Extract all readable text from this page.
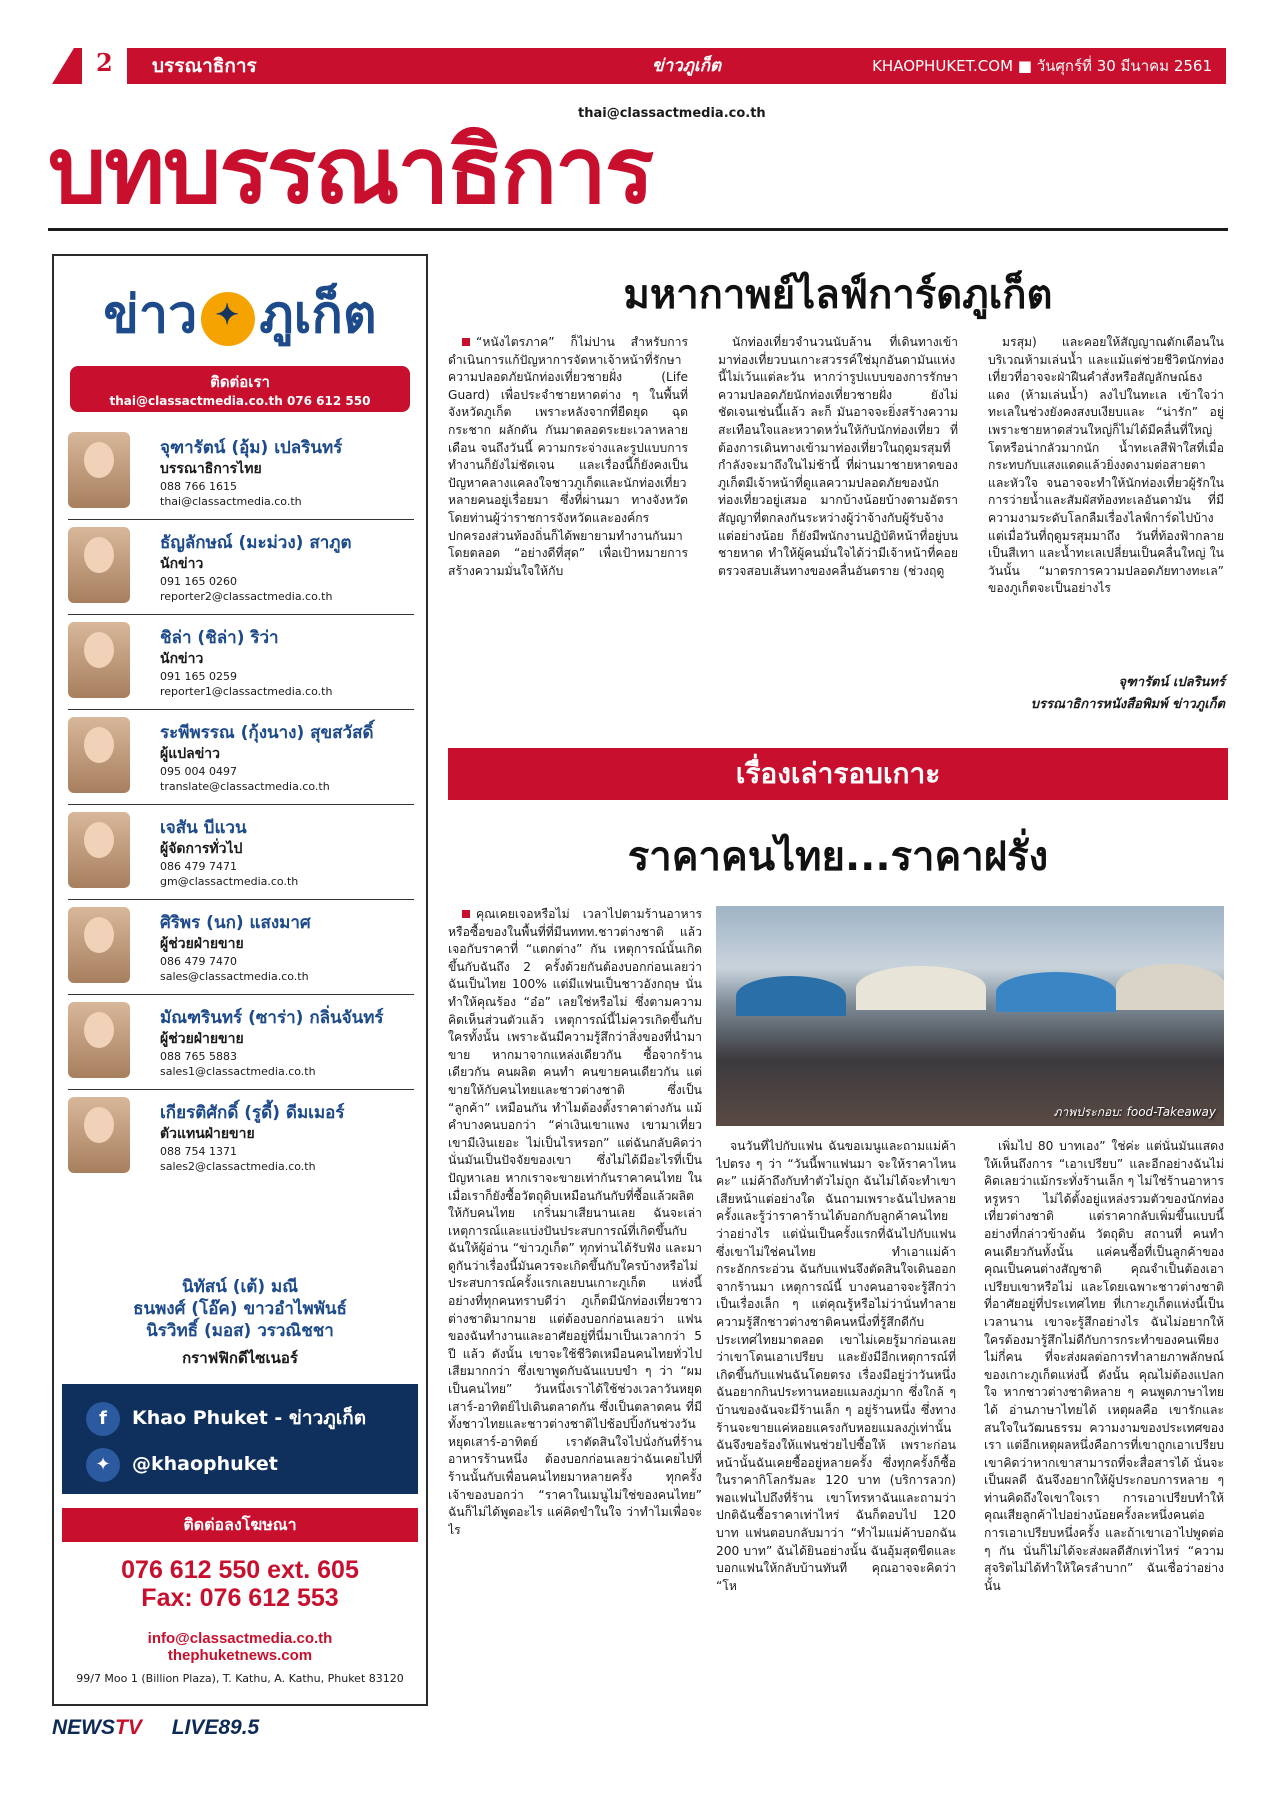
2	บรรณาธิการ	ข่าวภูเก็ต	KHAOPHUKET.COM ■ วันศุกร์ที่ 30 มีนาคม 2561
thai@classactmedia.co.th
บทบรรณาธิการ
ข่าว✦ ภูเก็ต
ติดต่อเรา
thai@classactmedia.co.th 076 612 550
จุฑารัตน์ (อุ้ม) เปลรินทร์
บรรณาธิการไทย
088 766 1615
thai@classactmedia.co.th
ธัญลักษณ์ (มะม่วง) สาภูต
นักข่าว
091 165 0260
reporter2@classactmedia.co.th
ชิล่า (ชิล่า) ริว่า
นักข่าว
091 165 0259
reporter1@classactmedia.co.th
ระพีพรรณ (กุ้งนาง) สุขสวัสดิ์
ผู้แปลข่าว
095 004 0497
translate@classactmedia.co.th
เจสัน บีแวน
ผู้จัดการทั่วไป
086 479 7471
gm@classactmedia.co.th
ศิริพร (นก) แสงมาศ
ผู้ช่วยฝ่ายขาย
086 479 7470
sales@classactmedia.co.th
มัณฑรินทร์ (ซาร่า) กลิ่นจันทร์
ผู้ช่วยฝ่ายขาย
088 765 5883
sales1@classactmedia.co.th
เกียรติศักดิ์ (รูดี้) ดีมเมอร์
ตัวแทนฝ่ายขาย
088 754 1371
sales2@classactmedia.co.th
นิทัสน์ (เต้) มณี
ธนพงศ์ (โอ๊ค) ขาวอำไพพันธ์
นิรวิทธิ์ (มอส) วรวณิชชา
กราฟฟิกดีไซเนอร์
f Khao Phuket - ข่าวภูเก็ต
✦ @khaophuket
ติดต่อลงโฆษณา
076 612 550 ext. 605
Fax: 076 612 553
info@classactmedia.co.th
thephuketnews.com
99/7 Moo 1 (Billion Plaza), T. Kathu, A. Kathu, Phuket 83120
NEWSTV LIVE89.5
มหากาพย์ไลฟ์การ์ดภูเก็ต

“หนังไตรภาค” ก็ไม่ปาน สำหรับการดำเนินการแก้ปัญหาการจัดหาเจ้าหน้าที่รักษาความปลอดภัยนักท่องเที่ยวชายฝั่ง (Life Guard) เพื่อประจำชายหาดต่าง ๆ ในพื้นที่จังหวัดภูเก็ต เพราะหลังจากที่ยืดยุด ฉุดกระชาก ผลักดัน กันมาตลอดระยะเวลาหลายเดือน จนถึงวันนี้ ความกระจ่างและรูปแบบการทำงานก็ยังไม่ชัดเจน และเรื่องนี้ก็ยังคงเป็นปัญหาคลางแคลงใจชาวภูเก็ตและนักท่องเที่ยวหลายคนอยู่เรื่อยมา ซึ่งที่ผ่านมา ทางจังหวัดโดยท่านผู้ว่าราชการจังหวัดและองค์กรปกครองส่วนท้องถิ่นก็ได้พยายามทำงานกันมาโดยตลอด “อย่างดีที่สุด” เพื่อเป้าหมายการสร้างความมั่นใจให้กับ

นักท่องเที่ยวจำนวนนับล้าน ที่เดินทางเข้ามาท่องเที่ยวบนเกาะสวรรค์ใช่มุกอันดามันแห่งนี้ไม่เว้นแต่ละวัน หากว่ารูปแบบของการรักษาความปลอดภัยนักท่องเที่ยวชายฝั่ง ยังไม่ชัดเจนเช่นนี้แล้ว ละก็ มันอาจจะยิ่งสร้างความสะเทือนใจและหวาดหวั่นให้กับนักท่องเที่ยว ที่ต้องการเดินทางเข้ามาท่องเที่ยวในฤดูมรสุมที่กำลังจะมาถึงในไม่ช้านี้ ที่ผ่านมาชายหาดของภูเก็ตมีเจ้าหน้าที่ดูแลความปลอดภัยของนักท่องเที่ยวอยู่เสมอ มากบ้างน้อยบ้างตามอัตราสัญญาที่ตกลงกันระหว่างผู้ว่าจ้างกับผู้รับจ้าง แต่อย่างน้อย ก็ยังมีพนักงานปฏิบัติหน้าที่อยู่บนชายหาด ทำให้ผู้คนมั่นใจได้ว่ามีเจ้าหน้าที่คอยตรวจสอบเส้นทางของคลื่นอันตราย (ช่วงฤดู

มรสุม) และคอยให้สัญญาณตักเตือนในบริเวณห้ามเล่นน้ำ และแม้แต่ช่วยชีวิตนักท่องเที่ยวที่อาจจะฝ่าฝืนคำสั่งหรือสัญลักษณ์ธงแดง (ห้ามเล่นน้ำ) ลงไปในทะเล เข้าใจว่าทะเลในช่วงยังคงสงบเงียบและ “น่ารัก” อยู่ เพราะชายหาดส่วนใหญ่ก็ไม่ได้มีคลื่นที่ใหญ่โตหรือน่ากลัวมากนัก น้ำทะเลสีฟ้าใสที่เมื่อกระทบกับแสงแดดแล้วยิ่งงดงามต่อสายตาและหัวใจ จนอาจจะทำให้นักท่องเที่ยวผู้รักในการว่ายน้ำและสัมผัสท้องทะเลอันดามัน ที่มีความงามระดับโลกลืมเรื่องไลฟ์การ์ดไปบ้าง แต่เมื่อวันที่ฤดูมรสุมมาถึง วันที่ท้องฟ้ากลายเป็นสีเทา และน้ำทะเลเปลี่ยนเป็นคลื่นใหญ่ ในวันนั้น “มาตรการความปลอดภัยทางทะเล” ของภูเก็ตจะเป็นอย่างไร

จุฑารัตน์ เปลรินทร์
บรรณาธิการหนังสือพิมพ์ ข่าวภูเก็ต
เรื่องเล่ารอบเกาะ
ราคาคนไทย...ราคาฝรั่ง
ภาพประกอบ: food-Takeaway

คุณเคยเจอหรือไม่ เวลาไปตามร้านอาหารหรือซื้อของในพื้นที่ที่มีนททท.ชาวต่างชาติ แล้วเจอกับราคาที่ “แตกต่าง” กัน เหตุการณ์นั้นเกิดขึ้นกับฉันถึง 2 ครั้งด้วยกันต้องบอกก่อนเลยว่า ฉันเป็นไทย 100% แต่มีแฟนเป็นชาวอังกฤษ นั่นทำให้คุณร้อง “อ๋อ” เลยใช่หรือไม่ ซึ่งตามความคิดเห็นส่วนตัวแล้ว เหตุการณ์นี้ไม่ควรเกิดขึ้นกับใครทั้งนั้น เพราะฉันมีความรู้สึกว่าสิ่งของที่นำมาขาย หากมาจากแหล่งเดียวกัน ซื้อจากร้านเดียวกัน คนผลิต คนทำ คนขายคนเดียวกัน แต่ขายให้กับคนไทยและชาวต่างชาติ ซึ่งเป็น “ลูกค้า” เหมือนกัน ทำไมต้องตั้งราคาต่างกัน แม้คำบางคนบอกว่า “ค่าเงินเขาแพง เขามาเที่ยว เขามีเงินเยอะ ไม่เป็นไรหรอก” แต่ฉันกลับคิดว่า นั่นมันเป็นปัจจัยของเขา ซึ่งไม่ได้มีอะไรที่เป็นปัญหาเลย หากเราจะขายเท่ากันราคาคนไทย ในเมื่อเราก็ยังซื้อวัตถุดิบเหมือนกันกับที่ซื้อแล้วผลิตให้กับคนไทย เกริ่นมาเสียนานเลย ฉันจะเล่าเหตุการณ์และแบ่งปันประสบการณ์ที่เกิดขึ้นกับฉันให้ผู้อ่าน “ข่าวภูเก็ต” ทุกท่านได้รับฟัง และมาดูกันว่าเรื่องนี้มันควรจะเกิดขึ้นกับใครบ้างหรือไม่ ประสบการณ์ครั้งแรกเลยบนเกาะภูเก็ต แห่งนี้ อย่างที่ทุกคนทราบดีว่า ภูเก็ตมีนักท่องเที่ยวชาวต่างชาติมากมาย แต่ต้องบอกก่อนเลยว่า แฟนของฉันทำงานและอาศัยอยู่ที่นี่มาเป็นเวลากว่า 5 ปี แล้ว ดังนั้น เขาจะใช้ชีวิตเหมือนคนไทยทั่วไปเสียมากกว่า ซึ่งเขาพูดกับฉันแบบขำ ๆ ว่า “ผมเป็นคนไทย” วันหนึ่งเราได้ใช้ช่วงเวลาวันหยุดเสาร์-อาทิตย์ไปเดินตลาดกัน ซึ่งเป็นตลาดคน ที่มีทั้งชาวไทยและชาวต่างชาติไปช้อปปิ้งกันช่วงวันหยุดเสาร์-อาทิตย์ เราตัดสินใจไปนั่งกันที่ร้านอาหารร้านหนึ่ง ต้องบอกก่อนเลยว่าฉันเคยไปที่ร้านนั้นกับเพื่อนคนไทยมาหลายครั้ง ทุกครั้งเจ้าของบอกว่า “ราคาในเมนูไม่ใช่ของคนไทย” ฉันก็ไม่ได้พูดอะไร แค่คิดขำในใจ ว่าทำไมเพื่อจะไร

จนวันที่ไปกับแฟน ฉันขอเมนูและถามแม่ค้าไปตรง ๆ ว่า “วันนี้พาแฟนมา จะให้ราคาไหนคะ” แม่ค้าถึงกับทำตัวไม่ถูก ฉันไม่ได้จะทำเขาเสียหน้าแต่อย่างใด ฉันถามเพราะฉันไปหลายครั้งและรู้ว่าราคาร้านได้บอกกับลูกค้าคนไทยว่าอย่างไร แต่นั่นเป็นครั้งแรกที่ฉันไปกับแฟนซึ่งเขาไม่ใช่คนไทย ทำเอาแม่ค้ากระอักกระอ่วน ฉันกับแฟนจึงตัดสินใจเดินออกจากร้านมา เหตุการณ์นี้ บางคนอาจจะรู้สึกว่าเป็นเรื่องเล็ก ๆ แต่คุณรู้หรือไม่ว่านั่นทำลายความรู้สึกชาวต่างชาติคนหนึ่งที่รู้สึกดีกับประเทศไทยมาตลอด เขาไม่เคยรู้มาก่อนเลยว่าเขาโดนเอาเปรียบ และยังมีอีกเหตุการณ์ที่เกิดขึ้นกับแฟนฉันโดยตรง เรื่องมีอยู่ว่าวันหนึ่งฉันอยากกินประทานหอยแมลงภู่มาก ซึ่งใกล้ ๆ บ้านของฉันจะมีร้านเล็ก ๆ อยู่ร้านหนึ่ง ซึ่งทางร้านจะขายแค่หอยแครงกับหอยแมลงภู่เท่านั้น ฉันจึงขอร้องให้แฟนช่วยไปซื้อให้ เพราะก่อนหน้านั้นฉันเคยซื้ออยู่หลายครั้ง ซึ่งทุกครั้งก็ซื้อในราคากิโลกรัมละ 120 บาท (บริการลวก) พอแฟนไปถึงที่ร้าน เขาโทรหาฉันและถามว่าปกติฉันซื้อราคาเท่าไหร่ ฉันก็ตอบไป 120 บาท แฟนตอบกลับมาว่า “ทำไมแม่ค้าบอกฉัน 200 บาท” ฉันได้ยินอย่างนั้น ฉันอุ้มสุดขีดและบอกแฟนให้กลับบ้านทันที คุณอาจจะคิดว่า “โห

เพิ่มไป 80 บาทเอง” ใช่ค่ะ แต่นั่นมันแสดงให้เห็นถึงการ “เอาเปรียบ” และอีกอย่างฉันไม่คิดเลยว่าแม้กระทั่งร้านเล็ก ๆ ไม่ใช่ร้านอาหารหรูหรา ไม่ได้ตั้งอยู่แหล่งรวมตัวของนักท่องเที่ยวต่างชาติ แต่ราคากลับเพิ่มขึ้นแบบนี้ อย่างที่กล่าวข้างต้น วัตถุดิบ สถานที่ คนทำ คนเดียวกันทั้งนั้น แค่คนซื้อที่เป็นลูกค้าของคุณเป็นคนต่างสัญชาติ คุณจำเป็นต้องเอาเปรียบเขาหรือไม่ และโดยเฉพาะชาวต่างชาติที่อาศัยอยู่ที่ประเทศไทย ที่เกาะภูเก็ตแห่งนี้เป็นเวลานาน เขาจะรู้สึกอย่างไร ฉันไม่อยากให้ใครต้องมารู้สึกไม่ดีกับการกระทำของคนเพียงไม่กี่คน ที่จะส่งผลต่อการทำลายภาพลักษณ์ของเกาะภูเก็ตแห่งนี้ ดังนั้น คุณไม่ต้องแปลกใจ หากชาวต่างชาติหลาย ๆ คนพูดภาษาไทยได้ อ่านภาษาไทยได้ เหตุผลคือ เขารักและสนใจในวัฒนธรรม ความงามของประเทศของเรา แต่อีกเหตุผลหนึ่งคือการที่เขาถูกเอาเปรียบ เขาคิดว่าหากเขาสามารถที่จะสื่อสารได้ นั่นจะเป็นผลดี ฉันจึงอยากให้ผู้ประกอบการหลาย ๆ ท่านคิดถึงใจเขาใจเรา การเอาเปรียบทำให้คุณเสียลูกค้าไปอย่างน้อยครั้งละหนึ่งคนต่อการเอาเปรียบหนึ่งครั้ง และถ้าเขาเอาไปพูดต่อ ๆ กัน นั่นก็ไม่ได้จะส่งผลดีสักเท่าไหร่ “ความสุจริตไม่ได้ทำให้ใครลำบาก” ฉันเชื่อว่าอย่างนั้น
